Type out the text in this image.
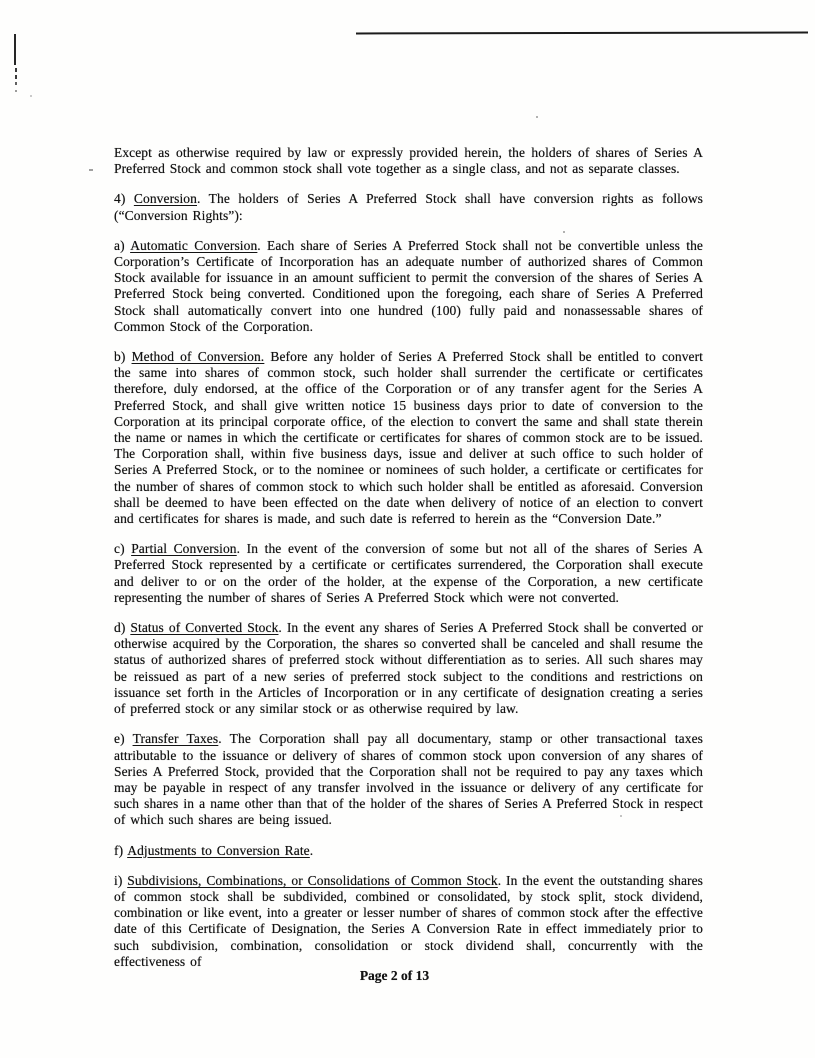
Except as otherwise required by law or expressly provided herein, the holders of shares of Series A Preferred Stock and common stock shall vote together as a single class, and not as separate classes.

4) Conversion. The holders of Series A Preferred Stock shall have conversion rights as follows (“Conversion Rights”):

a) Automatic Conversion. Each share of Series A Preferred Stock shall not be convertible unless the Corporation’s Certificate of Incorporation has an adequate number of authorized shares of Common Stock available for issuance in an amount sufficient to permit the conversion of the shares of Series A Preferred Stock being converted. Conditioned upon the foregoing, each share of Series A Preferred Stock shall automatically convert into one hundred (100) fully paid and nonassessable shares of Common Stock of the Corporation.

b) Method of Conversion. Before any holder of Series A Preferred Stock shall be entitled to convert the same into shares of common stock, such holder shall surrender the certificate or certificates therefore, duly endorsed, at the office of the Corporation or of any transfer agent for the Series A Preferred Stock, and shall give written notice 15 business days prior to date of conversion to the Corporation at its principal corporate office, of the election to convert the same and shall state therein the name or names in which the certificate or certificates for shares of common stock are to be issued. The Corporation shall, within five business days, issue and deliver at such office to such holder of Series A Preferred Stock, or to the nominee or nominees of such holder, a certificate or certificates for the number of shares of common stock to which such holder shall be entitled as aforesaid. Conversion shall be deemed to have been effected on the date when delivery of notice of an election to convert and certificates for shares is made, and such date is referred to herein as the “Conversion Date.”

c) Partial Conversion. In the event of the conversion of some but not all of the shares of Series A Preferred Stock represented by a certificate or certificates surrendered, the Corporation shall execute and deliver to or on the order of the holder, at the expense of the Corporation, a new certificate representing the number of shares of Series A Preferred Stock which were not converted.

d) Status of Converted Stock. In the event any shares of Series A Preferred Stock shall be converted or otherwise acquired by the Corporation, the shares so converted shall be canceled and shall resume the status of authorized shares of preferred stock without differentiation as to series. All such shares may be reissued as part of a new series of preferred stock subject to the conditions and restrictions on issuance set forth in the Articles of Incorporation or in any certificate of designation creating a series of preferred stock or any similar stock or as otherwise required by law.

e) Transfer Taxes. The Corporation shall pay all documentary, stamp or other transactional taxes attributable to the issuance or delivery of shares of common stock upon conversion of any shares of Series A Preferred Stock, provided that the Corporation shall not be required to pay any taxes which may be payable in respect of any transfer involved in the issuance or delivery of any certificate for such shares in a name other than that of the holder of the shares of Series A Preferred Stock in respect of which such shares are being issued.

f) Adjustments to Conversion Rate.

i) Subdivisions, Combinations, or Consolidations of Common Stock. In the event the outstanding shares of common stock shall be subdivided, combined or consolidated, by stock split, stock dividend, combination or like event, into a greater or lesser number of shares of common stock after the effective date of this Certificate of Designation, the Series A Conversion Rate in effect immediately prior to such subdivision, combination, consolidation or stock dividend shall, concurrently with the effectiveness of

Page 2 of 13
